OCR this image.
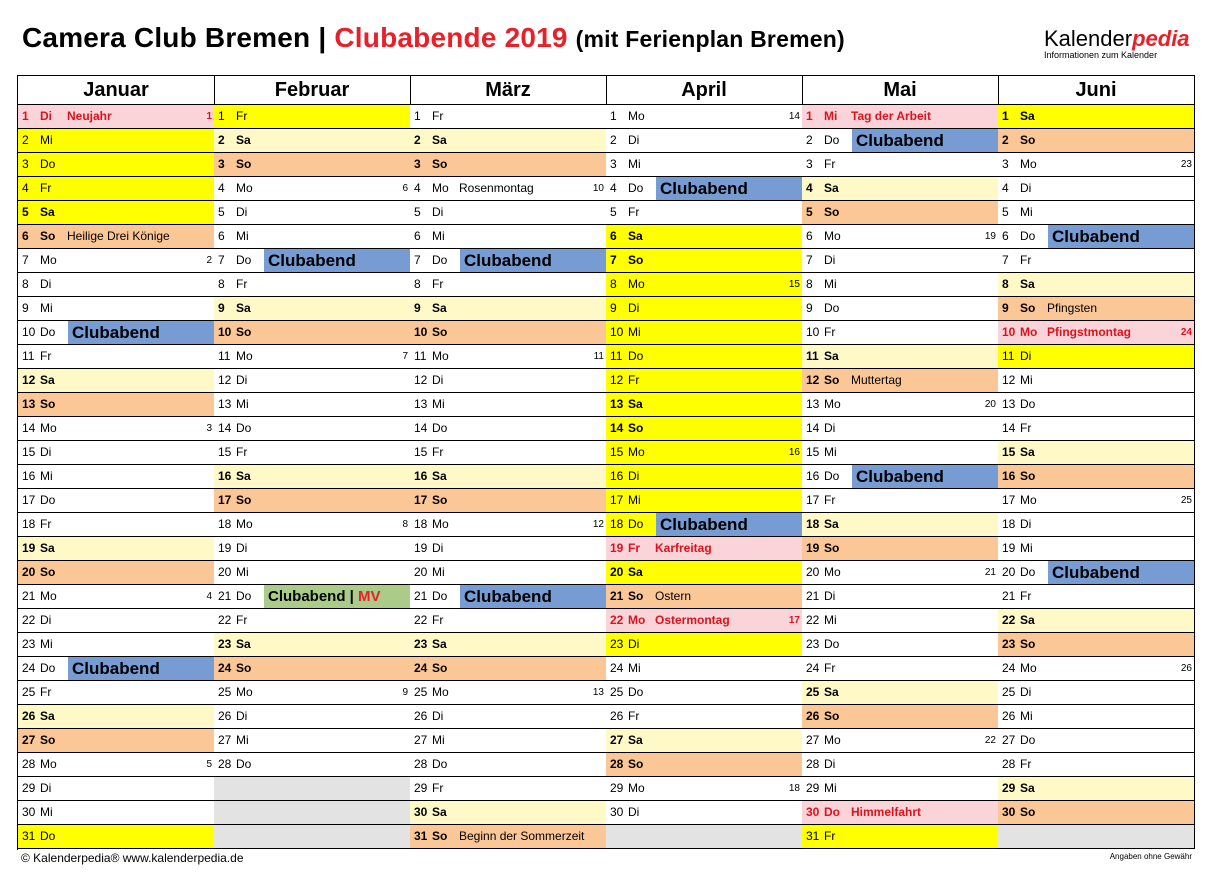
Camera Club Bremen | Clubabende 2019 (mit Ferienplan Bremen)	Kalenderpedia
Informationen zum Kalender
Januar
1 Di Neujahr	1
2 Mi
3 Do
4 Fr
5 Sa
6 So Heilige Drei Könige
7 Mo	2
8 Di
9 Mi
10 Do Clubabend
11 Fr
12 Sa
13 So
14 Mo	3
15 Di
16 Mi
17 Do
18 Fr
19 Sa
20 So
21 Mo	4
22 Di
23 Mi
24 Do Clubabend
25 Fr
26 Sa
27 So
28 Mo	5
29 Di
30 Mi
31 Do
Februar
1 Fr
2 Sa
3 So
4 Mo	6
5 Di
6 Mi
7 Do Clubabend
8 Fr
9 Sa
10 So
11 Mo	7
12 Di
13 Mi
14 Do
15 Fr
16 Sa
17 So
18 Mo	8
19 Di
20 Mi
21 Do Clubabend | MV
22 Fr
23 Sa
24 So
25 Mo	9
26 Di
27 Mi
28 Do
März
1 Fr
2 Sa
3 So
4 Mo Rosenmontag	10
5 Di
6 Mi
7 Do Clubabend
8 Fr
9 Sa
10 So
11 Mo	11
12 Di
13 Mi
14 Do
15 Fr
16 Sa
17 So
18 Mo	12
19 Di
20 Mi
21 Do Clubabend
22 Fr
23 Sa
24 So
25 Mo	13
26 Di
27 Mi
28 Do
29 Fr
30 Sa
31 So Beginn der Sommerzeit
April
1 Mo	14
2 Di
3 Mi
4 Do Clubabend
5 Fr
6 Sa
7 So
8 Mo	15
9 Di
10 Mi
11 Do
12 Fr
13 Sa
14 So
15 Mo	16
16 Di
17 Mi
18 Do Clubabend
19 Fr Karfreitag
20 Sa
21 So Ostern
22 Mo Ostermontag	17
23 Di
24 Mi
25 Do
26 Fr
27 Sa
28 So
29 Mo	18
30 Di
Mai
1 Mi Tag der Arbeit
2 Do Clubabend
3 Fr
4 Sa
5 So
6 Mo	19
7 Di
8 Mi
9 Do
10 Fr
11 Sa
12 So Muttertag
13 Mo	20
14 Di
15 Mi
16 Do Clubabend
17 Fr
18 Sa
19 So
20 Mo	21
21 Di
22 Mi
23 Do
24 Fr
25 Sa
26 So
27 Mo	22
28 Di
29 Mi
30 Do Himmelfahrt
31 Fr
Juni
1 Sa
2 So
3 Mo	23
4 Di
5 Mi
6 Do Clubabend
7 Fr
8 Sa
9 So Pfingsten
10 Mo Pfingstmontag	24
11 Di
12 Mi
13 Do
14 Fr
15 Sa
16 So
17 Mo	25
18 Di
19 Mi
20 Do Clubabend
21 Fr
22 Sa
23 So
24 Mo	26
25 Di
26 Mi
27 Do
28 Fr
29 Sa
30 So
© Kalenderpedia® www.kalenderpedia.de	Angaben ohne Gewähr
